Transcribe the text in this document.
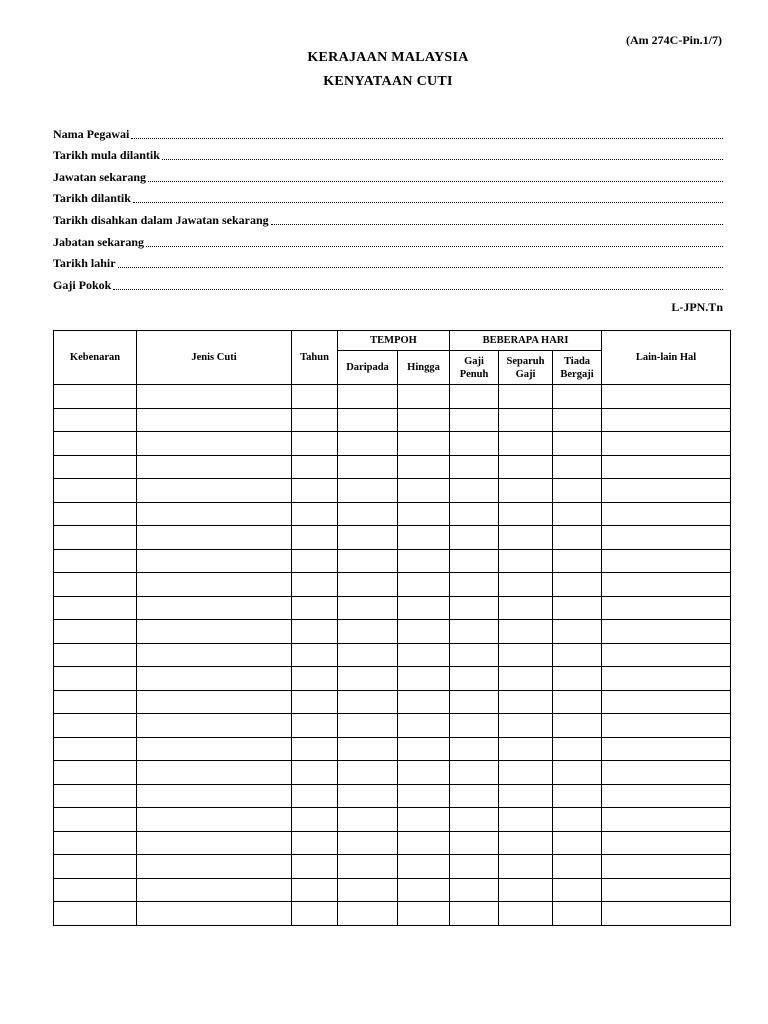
(Am 274C-Pin.1/7)
KERAJAAN MALAYSIA
KENYATAAN CUTI
Nama Pegawai
Tarikh mula dilantik
Jawatan sekarang
Tarikh dilantik
Tarikh disahkan dalam Jawatan sekarang
Jabatan sekarang
Tarikh lahir
Gaji Pokok
L-JPN.Tn
Kebenaran	Jenis Cuti	Tahun	TEMPOH		BEBERAPA HARI			Lain-lain Hal
			Daripada	Hingga	Gaji Penuh	Separuh Gaji	Tiada Bergaji	
